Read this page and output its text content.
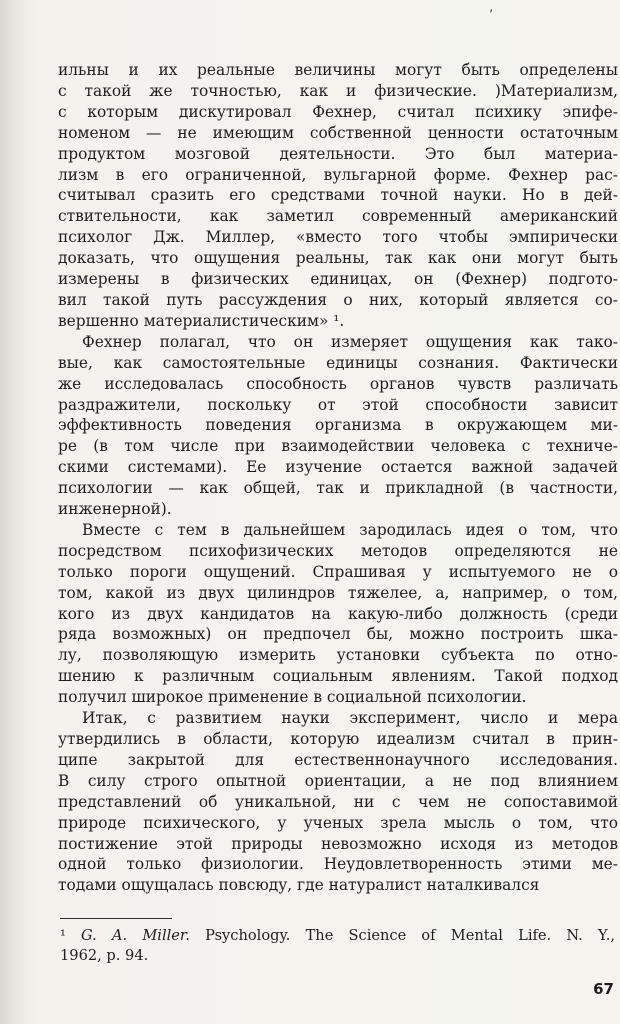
ʼ
ильны и их реальные величины могут быть определены
с такой же точностью, как и физические. )Материализм,
с которым дискутировал Фехнер, считал психику эпифе-
номеном — не имеющим собственной ценности остаточным
продуктом мозговой деятельности. Это был материа-
лизм в его ограниченной, вульгарной форме. Фехнер рас-
считывал сразить его средствами точной науки. Но в дей-
ствительности, как заметил современный американский
психолог Дж. Миллер, «вместо того чтобы эмпирически
доказать, что ощущения реальны, так как они могут быть
измерены в физических единицах, он (Фехнер) подгото-
вил такой путь рассуждения о них, который является со-
вершенно материалистическим» ¹.
Фехнер полагал, что он измеряет ощущения как тако-
вые, как самостоятельные единицы сознания. Фактически
же исследовалась способность органов чувств различать
раздражители, поскольку от этой способности зависит
эффективность поведения организма в окружающем ми-
ре (в том числе при взаимодействии человека с техниче-
скими системами). Ее изучение остается важной задачей
психологии — как общей, так и прикладной (в частности,
инженерной).
Вместе с тем в дальнейшем зародилась идея о том, что
посредством психофизических методов определяются не
только пороги ощущений. Спрашивая у испытуемого не о
том, какой из двух цилиндров тяжелее, а, например, о том,
кого из двух кандидатов на какую-либо должность (среди
ряда возможных) он предпочел бы, можно построить шка-
лу, позволяющую измерить установки субъекта по отно-
шению к различным социальным явлениям. Такой подход
получил широкое применение в социальной психологии.
Итак, с развитием науки эксперимент, число и мера
утвердились в области, которую идеализм считал в прин-
ципе закрытой для естественнонаучного исследования.
В силу строго опытной ориентации, а не под влиянием
представлений об уникальной, ни с чем не сопоставимой
природе психического, у ученых зрела мысль о том, что
постижение этой природы невозможно исходя из методов
одной только физиологии. Неудовлетворенность этими ме-
тодами ощущалась повсюду, где натуралист наталкивался
¹ G. A. Miller. Psychology. The Science of Mental Life. N. Y.,
1962, p. 94.
67
